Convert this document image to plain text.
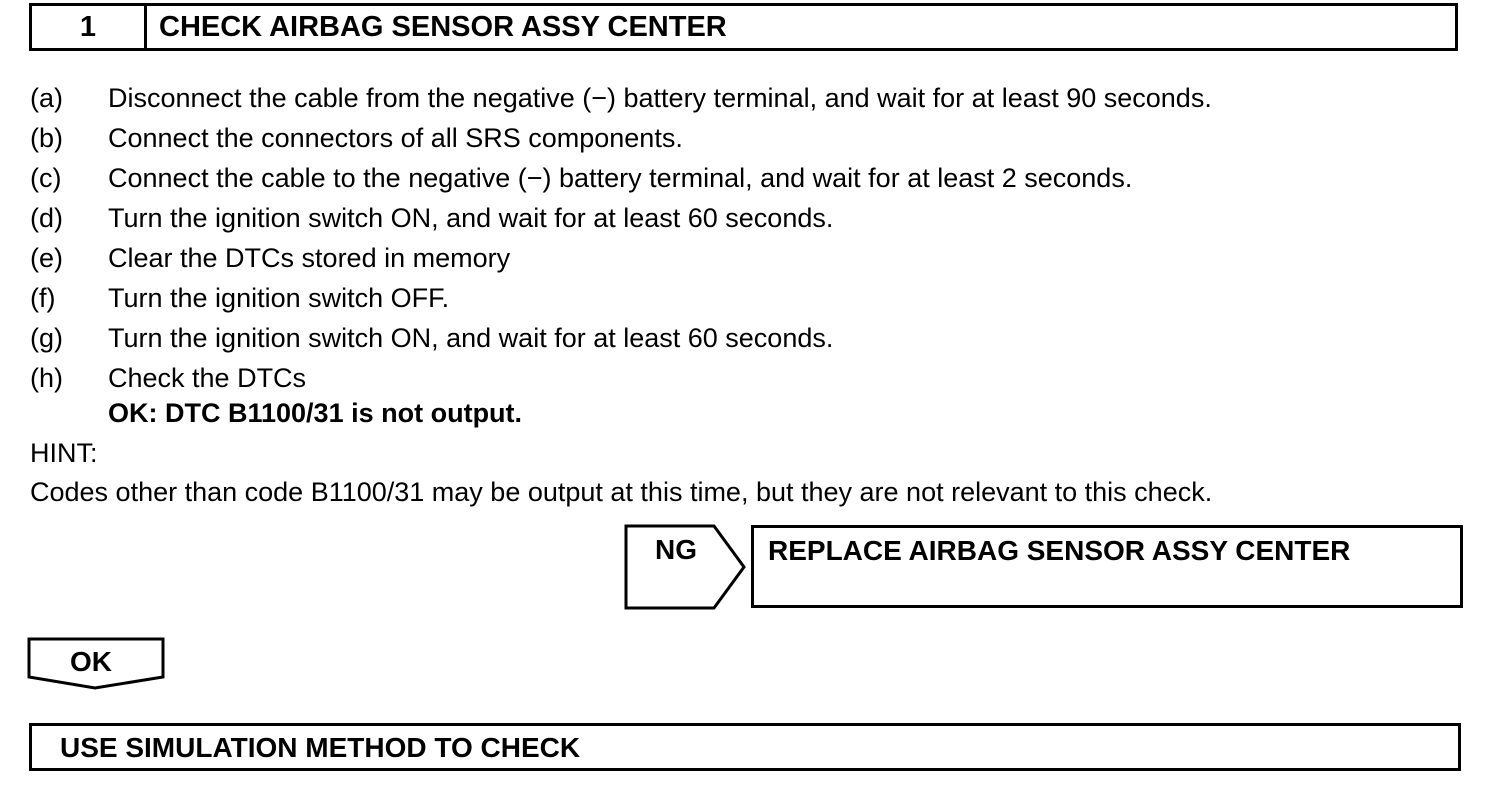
1	CHECK AIRBAG SENSOR ASSY CENTER
(a)	Disconnect the cable from the negative (−) battery terminal, and wait for at least 90 seconds.
(b)	Connect the connectors of all SRS components.
(c)	Connect the cable to the negative (−) battery terminal, and wait for at least 2 seconds.
(d)	Turn the ignition switch ON, and wait for at least 60 seconds.
(e)	Clear the DTCs stored in memory
(f)	Turn the ignition switch OFF.
(g)	Turn the ignition switch ON, and wait for at least 60 seconds.
(h)	Check the DTCs
OK: DTC B1100/31 is not output.
HINT:
Codes other than code B1100/31 may be output at this time, but they are not relevant to this check.
NG	REPLACE AIRBAG SENSOR ASSY CENTER
OK
USE SIMULATION METHOD TO CHECK
